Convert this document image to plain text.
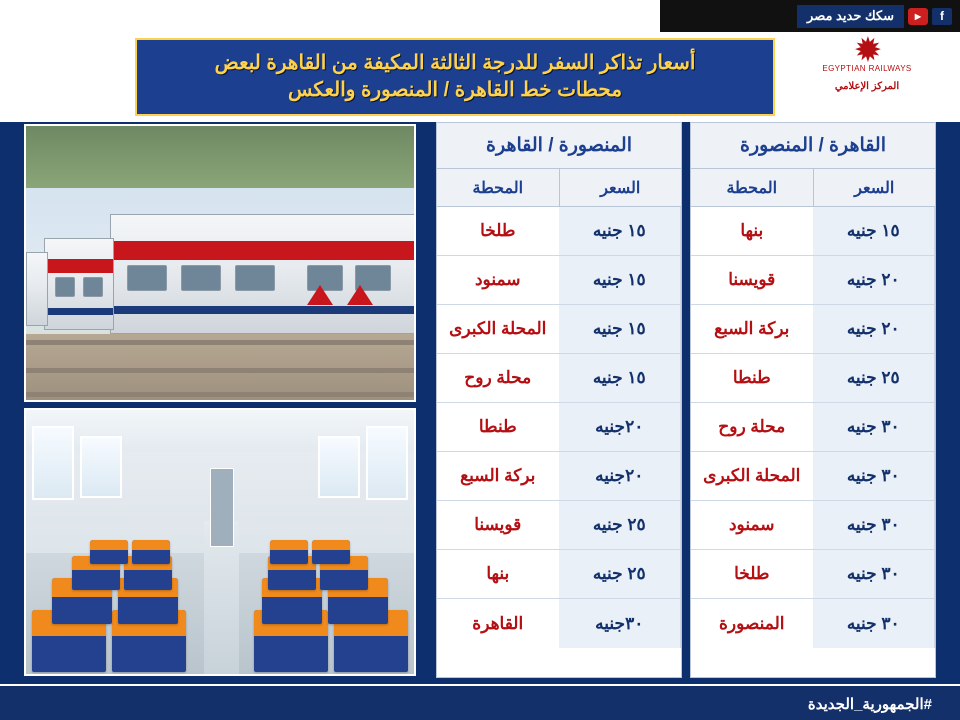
f
▶
سكك حديد مصر
✹
EGYPTIAN RAILWAYS
المركز الإعلامي
أسعار تذاكر السفر للدرجة الثالثة المكيفة من القاهرة لبعض
محطات خط القاهرة / المنصورة والعكس
القاهرة / المنصورة
السعر
المحطة
١٥ جنيه
بنها
٢٠ جنيه
قويسنا
٢٠ جنيه
بركة السبع
٢٥ جنيه
طنطا
٣٠ جنيه
محلة روح
٣٠ جنيه
المحلة الكبرى
٣٠ جنيه
سمنود
٣٠ جنيه
طلخا
٣٠ جنيه
المنصورة
المنصورة / القاهرة
السعر
المحطة
١٥ جنيه
طلخا
١٥ جنيه
سمنود
١٥ جنيه
المحلة الكبرى
١٥ جنيه
محلة روح
٢٠جنيه
طنطا
٢٠جنيه
بركة السبع
٢٥ جنيه
قويسنا
٢٥ جنيه
بنها
٣٠جنيه
القاهرة
#الجمهورية_الجديدة
